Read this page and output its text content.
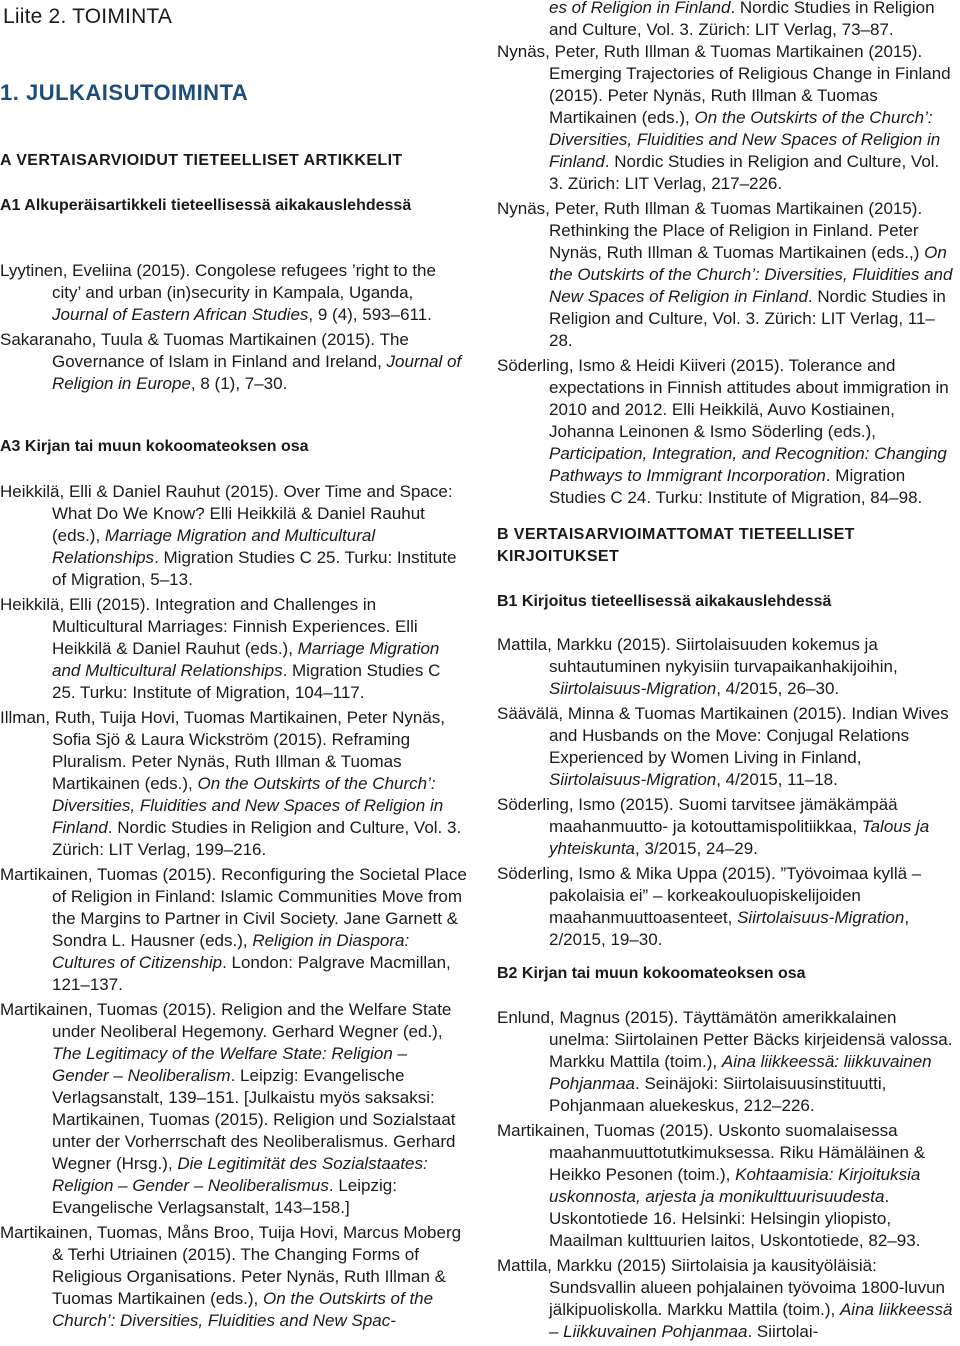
Liite 2. TOIMINTA
1. JULKAISUTOIMINTA
A VERTAISARVIOIDUT TIETEELLISET ARTIKKELIT
A1 Alkuperäisartikkeli tieteellisessä aikakauslehdessä

Lyytinen, Eveliina (2015). Congolese refugees ’right to the city’ and urban (in)security in Kampala, Uganda, Journal of Eastern African Studies, 9 (4), 593–611.

Sakaranaho, Tuula & Tuomas Martikainen (2015). The Governance of Islam in Finland and Ireland, Journal of Religion in Europe, 8 (1), 7–30.

A3 Kirjan tai muun kokoomateoksen osa

Heikkilä, Elli & Daniel Rauhut (2015). Over Time and Space: What Do We Know? Elli Heikkilä & Daniel Rauhut (eds.), Marriage Migration and Multicultural Relationships. Migration Studies C 25. Turku: Institute of Migration, 5–13.

Heikkilä, Elli (2015). Integration and Challenges in Multicultural Marriages: Finnish Experiences. Elli Heikkilä & Daniel Rauhut (eds.), Marriage Migration and Multicultural Relationships. Migration Studies C 25. Turku: Institute of Migration, 104–117.

Illman, Ruth, Tuija Hovi, Tuomas Martikainen, Peter Nynäs, Sofia Sjö & Laura Wickström (2015). Reframing Pluralism. Peter Nynäs, Ruth Illman & Tuomas Martikainen (eds.), On the Outskirts of the Church’: Diversities, Fluidities and New Spaces of Religion in Finland. Nordic Studies in Religion and Culture, Vol. 3. Zürich: LIT Verlag, 199–216.

Martikainen, Tuomas (2015). Reconfiguring the Societal Place of Religion in Finland: Islamic Communities Move from the Margins to Partner in Civil Society. Jane Garnett & Sondra L. Hausner (eds.), Religion in Diaspora: Cultures of Citizenship. London: Palgrave Macmillan, 121–137.

Martikainen, Tuomas (2015). Religion and the Welfare State under Neoliberal Hegemony. Gerhard Wegner (ed.), The Legitimacy of the Welfare State: Religion – Gender – Neoliberalism. Leipzig: Evangelische Verlagsanstalt, 139–151. [Julkaistu myös saksaksi: Martikainen, Tuomas (2015). Religion und Sozialstaat unter der Vorherrschaft des Neoliberalismus. Gerhard Wegner (Hrsg.), Die Legitimität des Sozialstaates: Religion – Gender – Neoliberalismus. Leipzig: Evangelische Verlagsanstalt, 143–158.]

Martikainen, Tuomas, Måns Broo, Tuija Hovi, Marcus Moberg & Terhi Utriainen (2015). The Changing Forms of Religious Organisations. Peter Nynäs, Ruth Illman & Tuomas Martikainen (eds.), On the Outskirts of the Church’: Diversities, Fluidities and New Spac-

es of Religion in Finland. Nordic Studies in Religion and Culture, Vol. 3. Zürich: LIT Verlag, 73–87.

Nynäs, Peter, Ruth Illman & Tuomas Martikainen (2015). Emerging Trajectories of Religious Change in Finland (2015). Peter Nynäs, Ruth Illman & Tuomas Martikainen (eds.), On the Outskirts of the Church’: Diversities, Fluidities and New Spaces of Religion in Finland. Nordic Studies in Religion and Culture, Vol. 3. Zürich: LIT Verlag, 217–226.

Nynäs, Peter, Ruth Illman & Tuomas Martikainen (2015). Rethinking the Place of Religion in Finland. Peter Nynäs, Ruth Illman & Tuomas Martikainen (eds.,) On the Outskirts of the Church’: Diversities, Fluidities and New Spaces of Religion in Finland. Nordic Studies in Religion and Culture, Vol. 3. Zürich: LIT Verlag, 11–28.

Söderling, Ismo & Heidi Kiiveri (2015). Tolerance and expectations in Finnish attitudes about immigration in 2010 and 2012. Elli Heikkilä, Auvo Kostiainen, Johanna Leinonen & Ismo Söderling (eds.), Participation, Integration, and Recognition: Changing Pathways to Immigrant Incorporation. Migration Studies C 24. Turku: Institute of Migration, 84–98.

B VERTAISARVIOIMATTOMAT TIETEELLISET KIRJOITUKSET
B1 Kirjoitus tieteellisessä aikakauslehdessä

Mattila, Markku (2015). Siirtolaisuuden kokemus ja suhtautuminen nykyisiin turvapaikanhakijoihin, Siirtolaisuus-Migration, 4/2015, 26–30.

Säävälä, Minna & Tuomas Martikainen (2015). Indian Wives and Husbands on the Move: Conjugal Relations Experienced by Women Living in Finland, Siirtolaisuus-Migration, 4/2015, 11–18.

Söderling, Ismo (2015). Suomi tarvitsee jämäkämpää maahanmuutto- ja kotouttamispolitiikkaa, Talous ja yhteiskunta, 3/2015, 24–29.

Söderling, Ismo & Mika Uppa (2015). ”Työvoimaa kyllä – pakolaisia ei” – korkeakouluopiskelijoiden maahanmuuttoasenteet, Siirtolaisuus-Migration, 2/2015, 19–30.

B2 Kirjan tai muun kokoomateoksen osa

Enlund, Magnus (2015). Täyttämätön amerikkalainen unelma: Siirtolainen Petter Bäcks kirjeidensä valossa. Markku Mattila (toim.), Aina liikkeessä: liikkuvainen Pohjanmaa. Seinäjoki: Siirtolaisuusinstituutti, Pohjanmaan aluekeskus, 212–226.

Martikainen, Tuomas (2015). Uskonto suomalaisessa maahanmuuttotutkimuksessa. Riku Hämäläinen & Heikko Pesonen (toim.), Kohtaamisia: Kirjoituksia uskonnosta, arjesta ja monikulttuurisuudesta. Uskontotiede 16. Helsinki: Helsingin yliopisto, Maailman kulttuurien laitos, Uskontotiede, 82–93.

Mattila, Markku (2015) Siirtolaisia ja kausityöläisiä: Sundsvallin alueen pohjalainen työvoima 1800-luvun jälkipuoliskolla. Markku Mattila (toim.), Aina liikkeessä – Liikkuvainen Pohjanmaa. Siirtolai-
